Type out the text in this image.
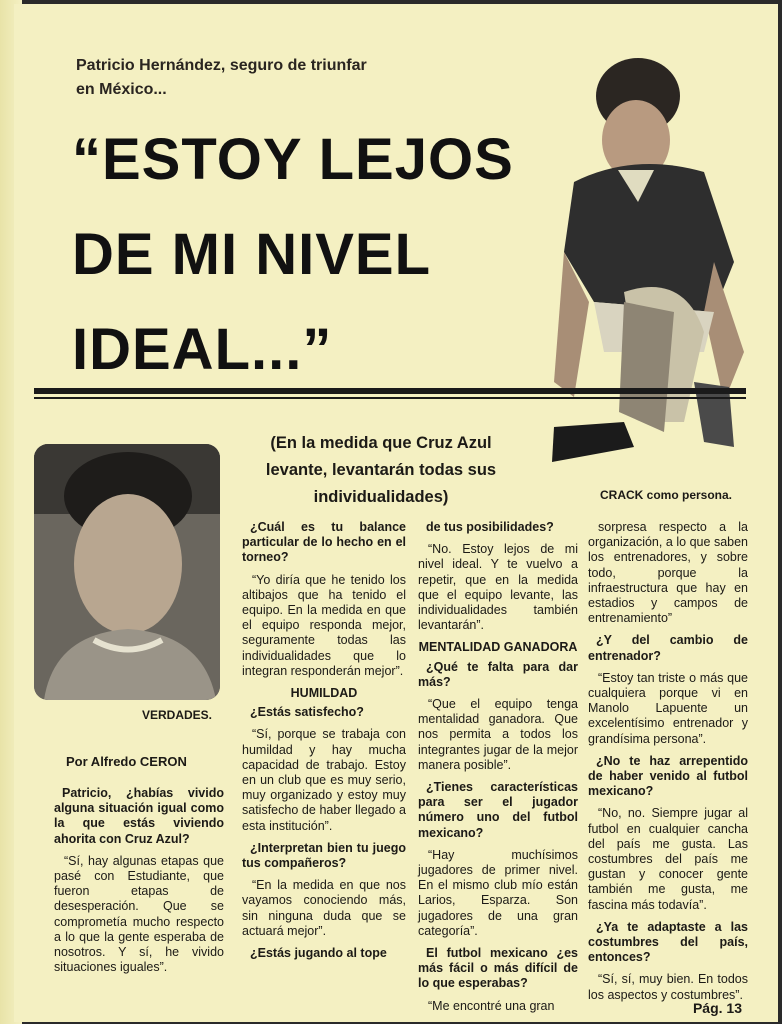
Patricio Hernández, seguro de triunfar en México...
“ESTOY LEJOS DE MI NIVEL IDEAL...”
CRACK como persona.
(En la medida que Cruz Azul levante, levantarán todas sus individualidades)
VERDADES.
Por Alfredo CERON

Patricio, ¿habías vivido alguna situación igual como la que estás viviendo ahorita con Cruz Azul?

“Sí, hay algunas etapas que pasé con Estudiante, que fueron etapas de desesperación. Que se comprometía mucho respecto a lo que la gente esperaba de nosotros. Y sí, he vivido situaciones iguales”.

¿Cuál es tu balance particular de lo hecho en el torneo?

“Yo diría que he tenido los altibajos que ha tenido el equipo. En la medida en que el equipo responda mejor, seguramente todas las individualidades que lo integran responderán mejor”.

HUMILDAD

¿Estás satisfecho?

“Sí, porque se trabaja con humildad y hay mucha capacidad de trabajo. Estoy en un club que es muy serio, muy organizado y estoy muy satisfecho de haber llegado a esta institución”.

¿Interpretan bien tu juego tus compañeros?

“En la medida en que nos vayamos conociendo más, sin ninguna duda que se actuará mejor”.

¿Estás jugando al tope

de tus posibilidades?

“No. Estoy lejos de mi nivel ideal. Y te vuelvo a repetir, que en la medida que el equipo levante, las individualidades también levantarán”.

MENTALIDAD GANADORA

¿Qué te falta para dar más?

“Que el equipo tenga mentalidad ganadora. Que nos permita a todos los integrantes jugar de la mejor manera posible”.

¿Tienes características para ser el jugador número uno del futbol mexicano?

“Hay muchísimos jugadores de primer nivel. En el mismo club mío están Larios, Esparza. Son jugadores de una gran categoría”.

El futbol mexicano ¿es más fácil o más difícil de lo que esperabas?

“Me encontré una gran

sorpresa respecto a la organización, a lo que saben los entrenadores, y sobre todo, porque la infraestructura que hay en estadios y campos de entrenamiento”

¿Y del cambio de entrenador?

“Estoy tan triste o más que cualquiera porque vi en Manolo Lapuente un excelentísimo entrenador y grandísima persona”.

¿No te haz arrepentido de haber venido al futbol mexicano?

“No, no. Siempre jugar al futbol en cualquier cancha del país me gusta. Las costumbres del país me gustan y conocer gente también me gusta, me fascina más todavía”.

¿Ya te adaptaste a las costumbres del país, entonces?

“Sí, sí, muy bien. En todos los aspectos y costumbres”.

Pág. 13
